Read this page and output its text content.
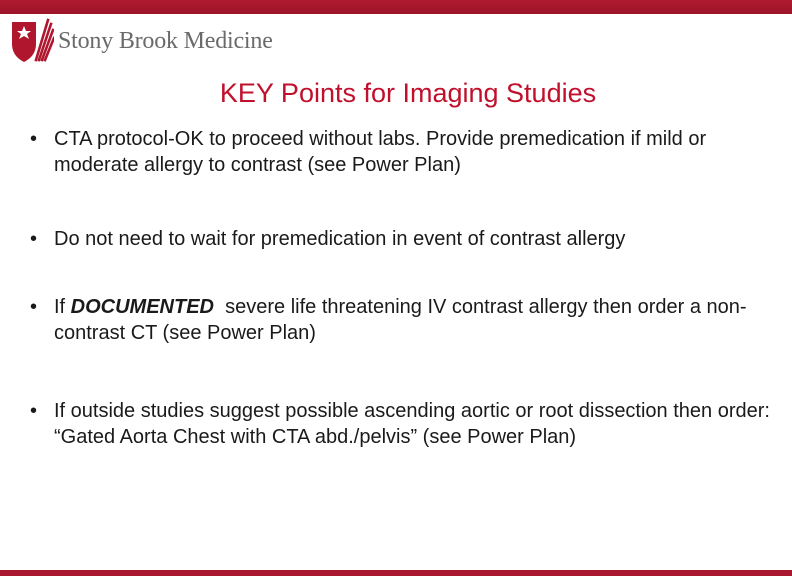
Stony Brook Medicine
KEY Points for Imaging Studies
• CTA protocol-OK to proceed without labs. Provide premedication if mild or moderate allergy to contrast (see Power Plan)
• Do not need to wait for premedication in event of contrast allergy
• If DOCUMENTED  severe life threatening IV contrast allergy then order a non-contrast CT (see Power Plan)
• If outside studies suggest possible ascending aortic or root dissection then order: “Gated Aorta Chest with CTA abd./pelvis” (see Power Plan)
